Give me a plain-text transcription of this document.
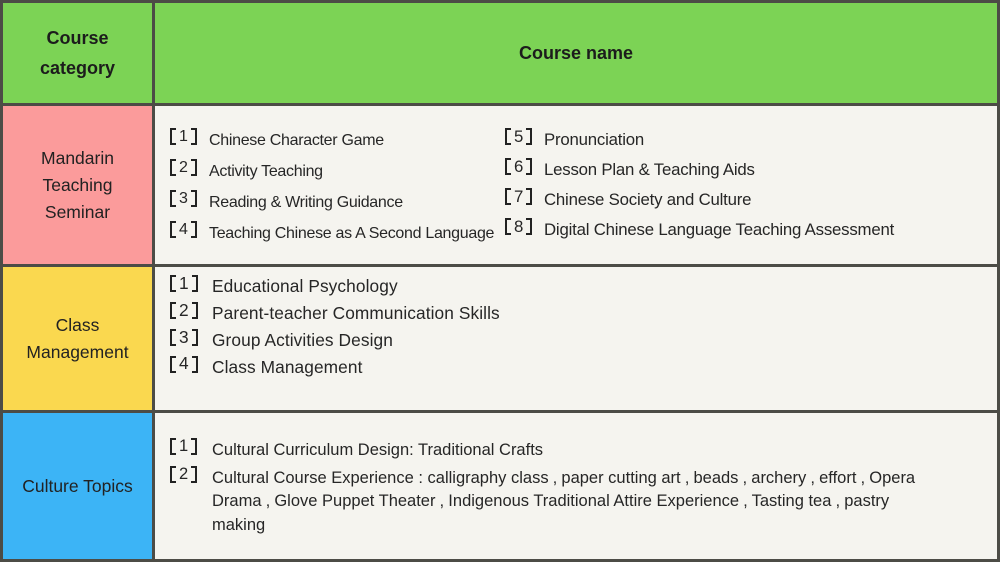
Course category
Course name
Mandarin Teaching Seminar
1 Chinese Character Game
2 Activity Teaching
3 Reading & Writing Guidance
4 Teaching Chinese as A Second Language
5 Pronunciation
6 Lesson Plan & Teaching Aids
7 Chinese Society and Culture
8 Digital Chinese Language Teaching Assessment
Class Management
1 Educational Psychology
2 Parent-teacher Communication Skills
3 Group Activities Design
4 Class Management
Culture Topics
1 Cultural Curriculum Design: Traditional Crafts
2 Cultural Course Experience : calligraphy class ‚ paper cutting art ‚ beads ‚ archery ‚ effort ‚ Opera Drama ‚ Glove Puppet Theater ‚ Indigenous Traditional Attire Experience ‚ Tasting tea ‚ pastry making
